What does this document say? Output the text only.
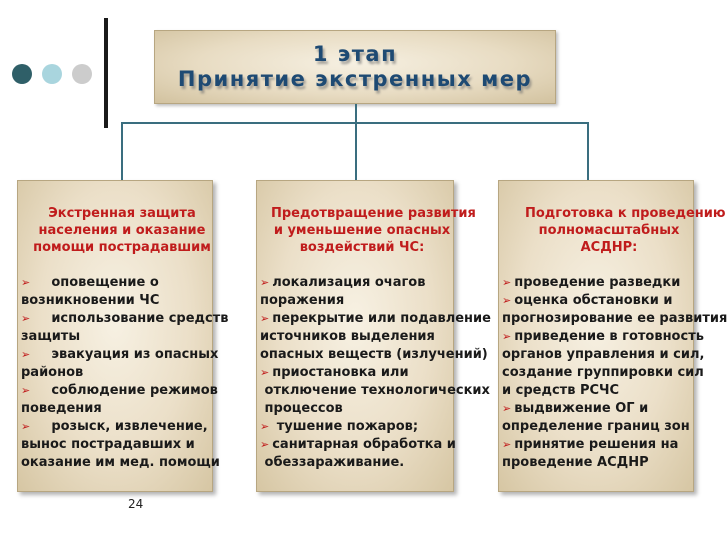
1 этап
Принятие экстренных мер
Экстренная защита
населения и оказание
помощи пострадавшим
➢    оповещение о
возникновении ЧС
➢    использование средств
защиты
➢    эвакуация из опасных
районов
➢    соблюдение режимов
поведения
➢    розыск, извлечение,
вынос пострадавших и
оказание им мед. помощи
Предотвращение развития
и уменьшение опасных
воздействий ЧС:
➢ локализация очагов
поражения
➢ перекрытие или подавление
источников выделения
опасных веществ (излучений)
➢ приостановка или
отключение технологических
процессов
➢ тушение пожаров;
➢ санитарная обработка и
обеззараживание.
Подготовка к проведению
полномасштабных
АСДНР:
➢ проведение разведки
➢ оценка обстановки и
прогнозирование ее развития
➢ приведение в готовность
органов управления и сил,
создание группировки сил
и средств РСЧС
➢ выдвижение ОГ и
определение границ зон
➢ принятие решения на
проведение АСДНР
24
